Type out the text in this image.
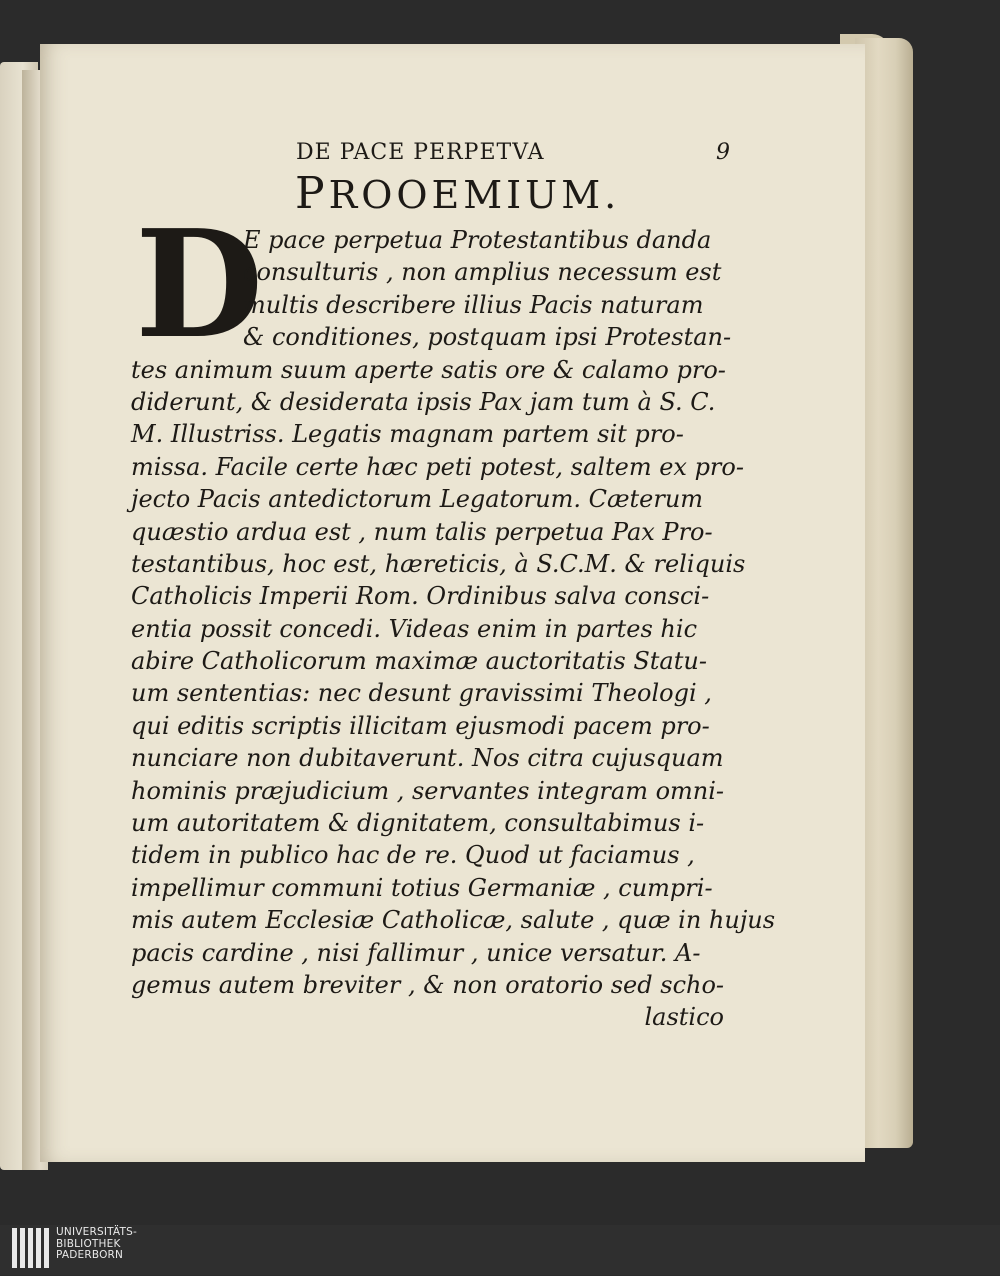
DE PACE PERPETVA	9
PROOEMIUM.
D
E pace perpetua Protestantibus danda
consulturis , non amplius necessum est
multis describere illius Pacis naturam
& conditiones, postquam ipsi Protestan-
tes animum suum aperte satis ore & calamo pro-
diderunt, & desiderata ipsis Pax jam tum à S. C.
M. Illustriss. Legatis magnam partem sit pro-
missa. Facile certe hæc peti potest, saltem ex pro-
jecto Pacis antedictorum Legatorum. Cæterum
quæstio ardua est , num talis perpetua Pax Pro-
testantibus, hoc est, hæreticis, à S.C.M. & reliquis
Catholicis Imperii Rom. Ordinibus salva consci-
entia possit concedi. Videas enim in partes hic
abire Catholicorum maximæ auctoritatis Statu-
um sententias: nec desunt gravissimi Theologi ,
qui editis scriptis illicitam ejusmodi pacem pro-
nunciare non dubitaverunt. Nos citra cujusquam
hominis præjudicium , servantes integram omni-
um autoritatem & dignitatem, consultabimus i-
tidem in publico hac de re. Quod ut faciamus ,
impellimur communi totius Germaniæ , cumpri-
mis autem Ecclesiæ Catholicæ, salute , quæ in hujus
pacis cardine , nisi fallimur , unice versatur. A-
gemus autem breviter , & non oratorio sed scho-
lastico
UNIVERSITÄTS-
BIBLIOTHEK
PADERBORN
